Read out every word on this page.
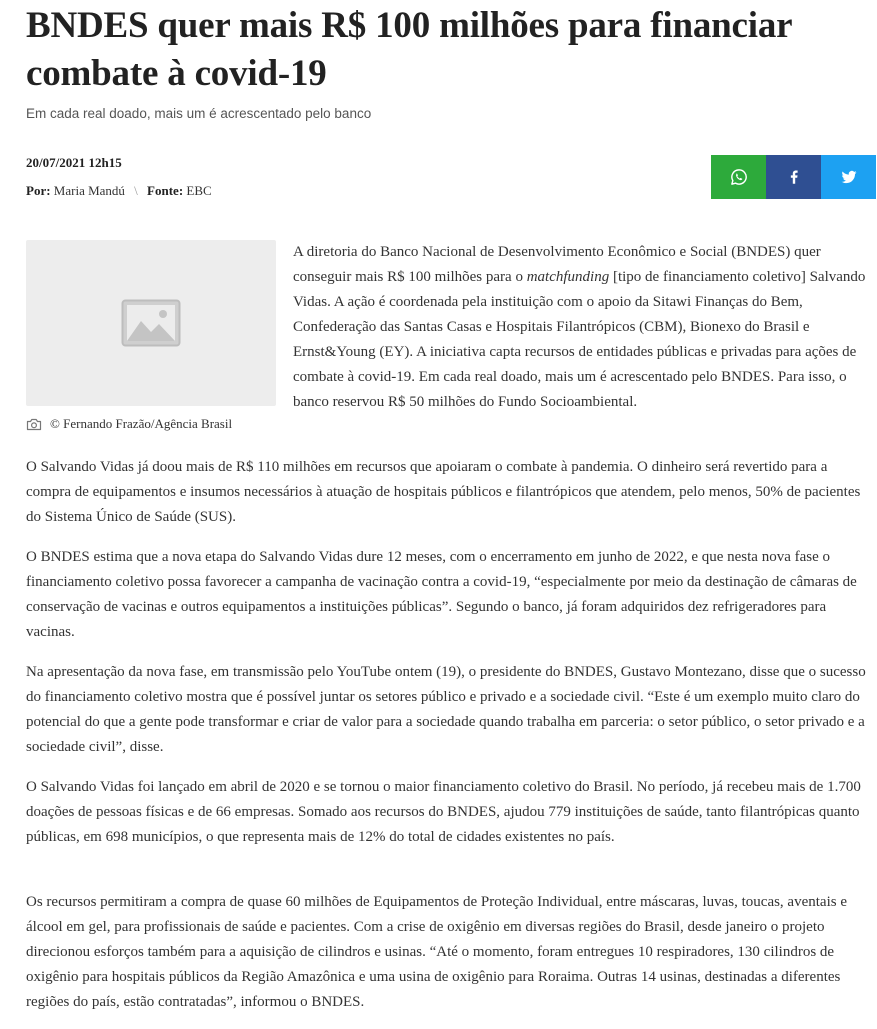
BNDES quer mais R$ 100 milhões para financiar combate à covid-19

Em cada real doado, mais um é acrescentado pelo banco

20/07/2021 12h15
Por: Maria Mandú \ Fonte: EBC
© Fernando Frazão/Agência Brasil

A diretoria do Banco Nacional de Desenvolvimento Econômico e Social (BNDES) quer conseguir mais R$ 100 milhões para o matchfunding [tipo de financiamento coletivo] Salvando Vidas. A ação é coordenada pela instituição com o apoio da Sitawi Finanças do Bem, Confederação das Santas Casas e Hospitais Filantrópicos (CBM), Bionexo do Brasil e Ernst&Young (EY). A iniciativa capta recursos de entidades públicas e privadas para ações de combate à covid-19. Em cada real doado, mais um é acrescentado pelo BNDES. Para isso, o banco reservou R$ 50 milhões do Fundo Socioambiental.

O Salvando Vidas já doou mais de R$ 110 milhões em recursos que apoiaram o combate à pandemia. O dinheiro será revertido para a compra de equipamentos e insumos necessários à atuação de hospitais públicos e filantrópicos que atendem, pelo menos, 50% de pacientes do Sistema Único de Saúde (SUS).

O BNDES estima que a nova etapa do Salvando Vidas dure 12 meses, com o encerramento em junho de 2022, e que nesta nova fase o financiamento coletivo possa favorecer a campanha de vacinação contra a covid-19, “especialmente por meio da destinação de câmaras de conservação de vacinas e outros equipamentos a instituições públicas”. Segundo o banco, já foram adquiridos dez refrigeradores para vacinas.

Na apresentação da nova fase, em transmissão pelo YouTube ontem (19), o presidente do BNDES, Gustavo Montezano, disse que o sucesso do financiamento coletivo mostra que é possível juntar os setores público e privado e a sociedade civil. “Este é um exemplo muito claro do potencial do que a gente pode transformar e criar de valor para a sociedade quando trabalha em parceria: o setor público, o setor privado e a sociedade civil”, disse.

O Salvando Vidas foi lançado em abril de 2020 e se tornou o maior financiamento coletivo do Brasil. No período, já recebeu mais de 1.700 doações de pessoas físicas e de 66 empresas. Somado aos recursos do BNDES, ajudou 779 instituições de saúde, tanto filantrópicas quanto públicas, em 698 municípios, o que representa mais de 12% do total de cidades existentes no país.

Os recursos permitiram a compra de quase 60 milhões de Equipamentos de Proteção Individual, entre máscaras, luvas, toucas, aventais e álcool em gel, para profissionais de saúde e pacientes. Com a crise de oxigênio em diversas regiões do Brasil, desde janeiro o projeto direcionou esforços também para a aquisição de cilindros e usinas. “Até o momento, foram entregues 10 respiradores, 130 cilindros de oxigênio para hospitais públicos da Região Amazônica e uma usina de oxigênio para Roraima. Outras 14 usinas, destinadas a diferentes regiões do país, estão contratadas”, informou o BNDES.
